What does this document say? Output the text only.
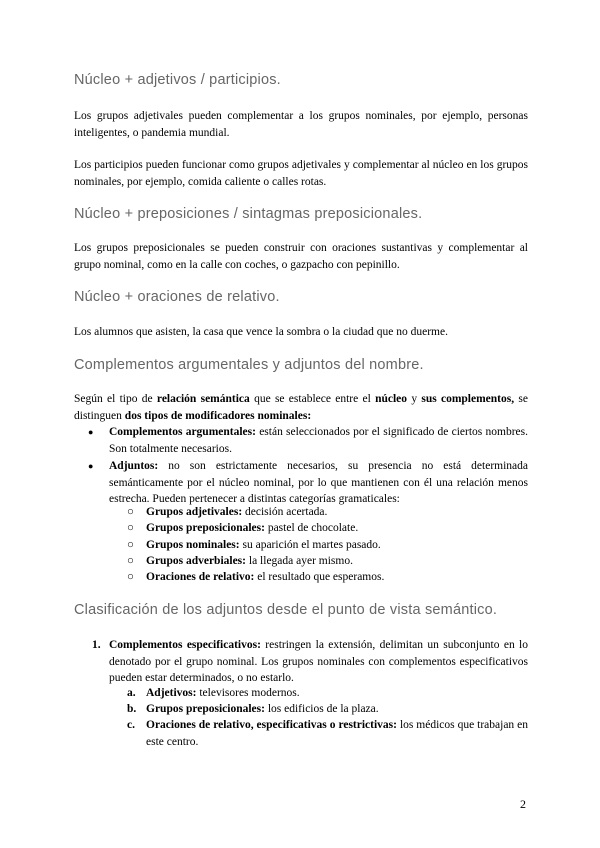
Núcleo + adjetivos / participios.
Los grupos adjetivales pueden complementar a los grupos nominales, por ejemplo, personas inteligentes, o pandemia mundial.
Los participios pueden funcionar como grupos adjetivales y complementar al núcleo en los grupos nominales, por ejemplo, comida caliente o calles rotas.
Núcleo + preposiciones / sintagmas preposicionales.
Los grupos preposicionales se pueden construir con oraciones sustantivas y complementar al grupo nominal, como en la calle con coches, o gazpacho con pepinillo.
Núcleo + oraciones de relativo.
Los alumnos que asisten, la casa que vence la sombra o la ciudad que no duerme.
Complementos argumentales y adjuntos del nombre.
Según el tipo de relación semántica que se establece entre el núcleo y sus complementos, se distinguen dos tipos de modificadores nominales:
● Complementos argumentales: están seleccionados por el significado de ciertos nombres. Son totalmente necesarios.
● Adjuntos: no son estrictamente necesarios, su presencia no está determinada semánticamente por el núcleo nominal, por lo que mantienen con él una relación menos estrecha. Pueden pertenecer a distintas categorías gramaticales:
○ Grupos adjetivales: decisión acertada.
○ Grupos preposicionales: pastel de chocolate.
○ Grupos nominales: su aparición el martes pasado.
○ Grupos adverbiales: la llegada ayer mismo.
○ Oraciones de relativo: el resultado que esperamos.
Clasificación de los adjuntos desde el punto de vista semántico.
1. Complementos especificativos: restringen la extensión, delimitan un subconjunto en lo denotado por el grupo nominal. Los grupos nominales con complementos especificativos pueden estar determinados, o no estarlo.
a. Adjetivos: televisores modernos.
b. Grupos preposicionales: los edificios de la plaza.
c. Oraciones de relativo, especificativas o restrictivas: los médicos que trabajan en este centro.
2
